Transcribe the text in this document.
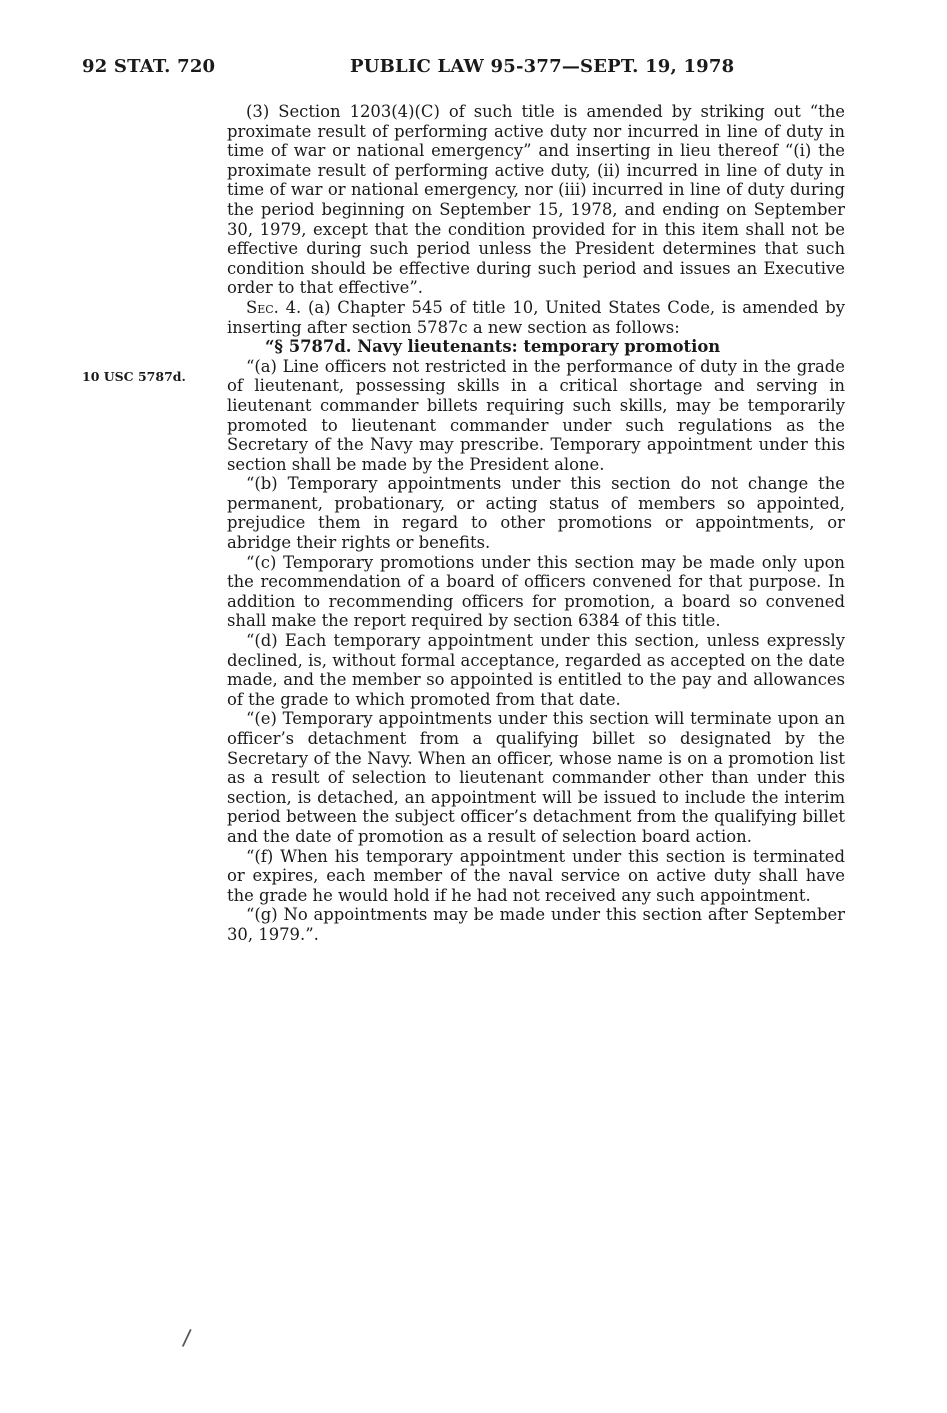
92 STAT. 720	PUBLIC LAW 95-377—SEPT. 19, 1978
10 USC 5787d.

(3) Section 1203(4)(C) of such title is amended by striking out “the proximate result of performing active duty nor incurred in line of duty in time of war or national emergency” and inserting in lieu thereof “(i) the proximate result of performing active duty, (ii) incurred in line of duty in time of war or national emergency, nor (iii) incurred in line of duty during the period beginning on September 15, 1978, and ending on September 30, 1979, except that the condition provided for in this item shall not be effective during such period unless the President determines that such condition should be effective during such period and issues an Executive order to that effective”.

Sec. 4. (a) Chapter 545 of title 10, United States Code, is amended by inserting after section 5787c a new section as follows:

“§ 5787d. Navy lieutenants: temporary promotion

“(a) Line officers not restricted in the performance of duty in the grade of lieutenant, possessing skills in a critical shortage and serving in lieutenant commander billets requiring such skills, may be temporarily promoted to lieutenant commander under such regulations as the Secretary of the Navy may prescribe. Temporary appointment under this section shall be made by the President alone.

“(b) Temporary appointments under this section do not change the permanent, probationary, or acting status of members so appointed, prejudice them in regard to other promotions or appointments, or abridge their rights or benefits.

“(c) Temporary promotions under this section may be made only upon the recommendation of a board of officers convened for that purpose. In addition to recommending officers for promotion, a board so convened shall make the report required by section 6384 of this title.

“(d) Each temporary appointment under this section, unless expressly declined, is, without formal acceptance, regarded as accepted on the date made, and the member so appointed is entitled to the pay and allowances of the grade to which promoted from that date.

“(e) Temporary appointments under this section will terminate upon an officer’s detachment from a qualifying billet so designated by the Secretary of the Navy. When an officer, whose name is on a promotion list as a result of selection to lieutenant commander other than under this section, is detached, an appointment will be issued to include the interim period between the subject officer’s detachment from the qualifying billet and the date of promotion as a result of selection board action.

“(f) When his temporary appointment under this section is terminated or expires, each member of the naval service on active duty shall have the grade he would hold if he had not received any such appointment.

“(g) No appointments may be made under this section after September 30, 1979.”.

/
